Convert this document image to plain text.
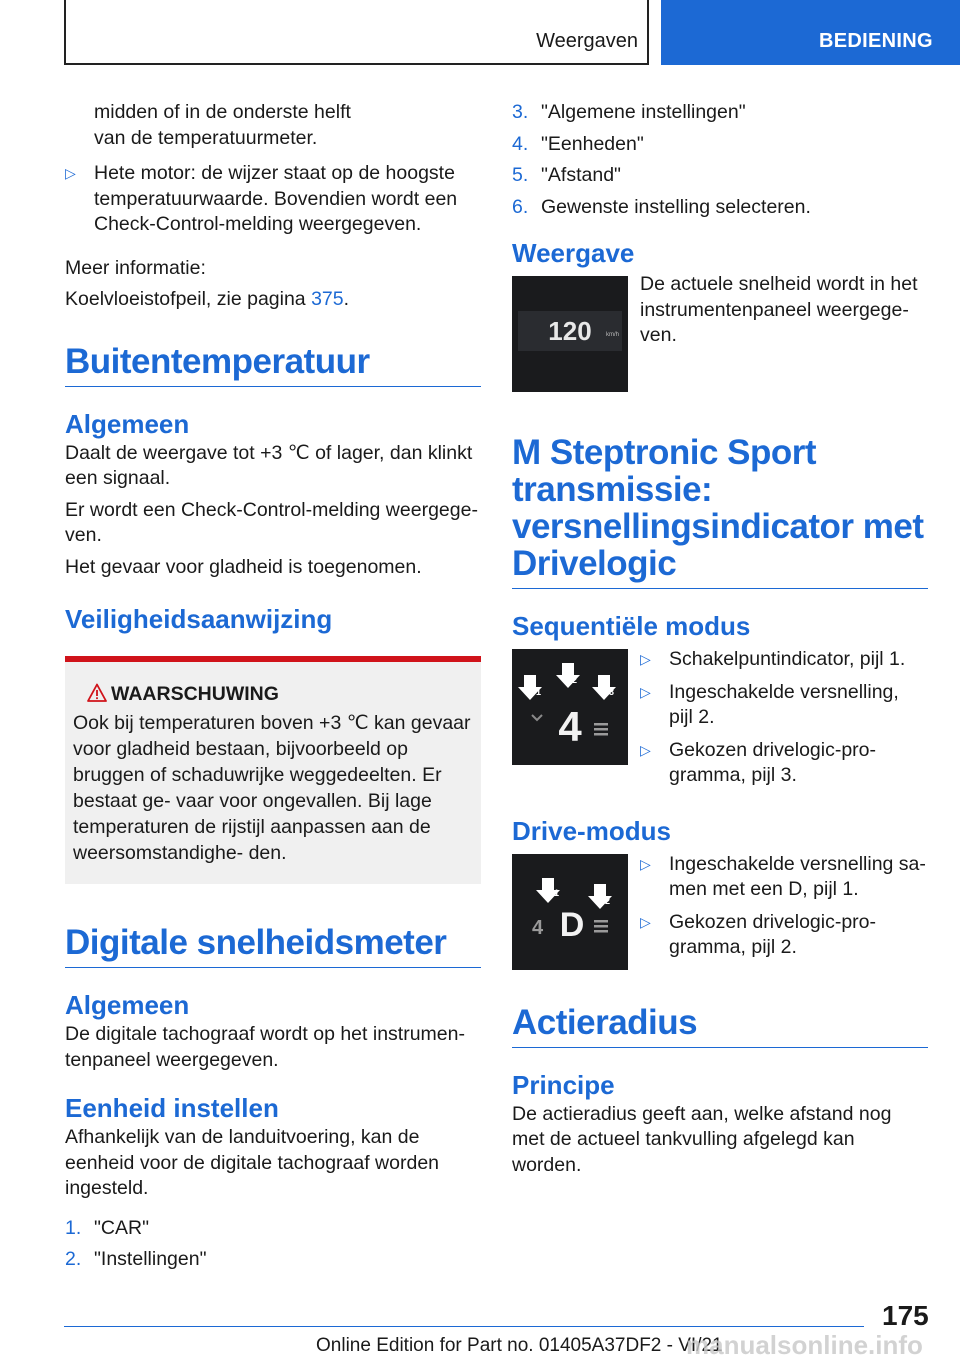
Weergaven	BEDIENING

midden of in de onderste helft van de temperatuurmeter.

▷ Hete motor: de wijzer staat op de hoogste temperatuurwaarde. Bovendien wordt een Check-Control-melding weergegeven.

Meer informatie:

Koelvloeistofpeil, zie pagina 375.

Buitentemperatuur
Algemeen

Daalt de weergave tot +3 ℃ of lager, dan klinkt een signaal.

Er wordt een Check-Control-melding weergege‐ ven.

Het gevaar voor gladheid is toegenomen.

Veiligheidsaanwijzing
WAARSCHUWING

Ook bij temperaturen boven +3 ℃ kan gevaar voor gladheid bestaan, bijvoorbeeld op bruggen of schaduwrijke weggedeelten. Er bestaat ge‐ vaar voor ongevallen. Bij lage temperaturen de rijstijl aanpassen aan de weersomstandighe‐ den.

Digitale snelheidsmeter
Algemeen

De digitale tachograaf wordt op het instrumen‐ tenpaneel weergegeven.

Eenheid instellen

Afhankelijk van de landuitvoering, kan de eenheid voor de digitale tachograaf worden ingesteld.

1. "CAR"
2. "Instellingen"
3. "Algemene instellingen"
4. "Eenheden"
5. "Afstand"
6. Gewenste instelling selecteren.
Weergave
120 km/h

De actuele snelheid wordt in het instrumentenpaneel weergege‐ ven.

M Steptronic Sport transmissie: versnellingsindicator met Drivelogic
Sequentiële modus
1
2
3
4
▷ Schakelpuntindicator, pijl 1.
▷ Ingeschakelde versnelling, pijl 2.
▷ Gekozen drivelogic-pro‐ gramma, pijl 3.
Drive-modus
1
2
4 D
▷ Ingeschakelde versnelling sa‐ men met een D, pijl 1.
▷ Gekozen drivelogic-pro‐ gramma, pijl 2.
Actieradius
Principe

De actieradius geeft aan, welke afstand nog met de actueel tankvulling afgelegd kan worden.

175
Online Edition for Part no. 01405A37DF2 - VI/21
manualsonline.info
